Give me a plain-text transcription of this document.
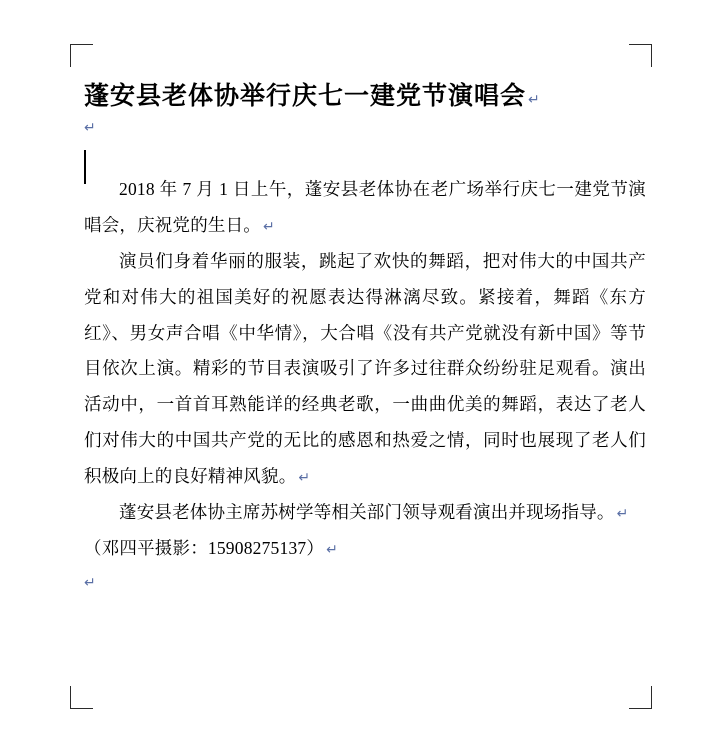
蓬安县老体协举行庆七一建党节演唱会 ↵
↵

2018 年 7 月 1 日上午，蓬安县老体协在老广场举行庆七一建党节演唱会，庆祝党的生日。 ↵

演员们身着华丽的服装，跳起了欢快的舞蹈，把对伟大的中国共产党和对伟大的祖国美好的祝愿表达得淋漓尽致。紧接着，舞蹈《东方红》、男女声合唱《中华情》，大合唱《没有共产党就没有新中国》等节目依次上演。精彩的节目表演吸引了许多过往群众纷纷驻足观看。演出活动中，一首首耳熟能详的经典老歌，一曲曲优美的舞蹈，表达了老人们对伟大的中国共产党的无比的感恩和热爱之情，同时也展现了老人们积极向上的良好精神风貌。 ↵

蓬安县老体协主席苏树学等相关部门领导观看演出并现场指导。 ↵

（邓四平摄影：15908275137） ↵

↵
